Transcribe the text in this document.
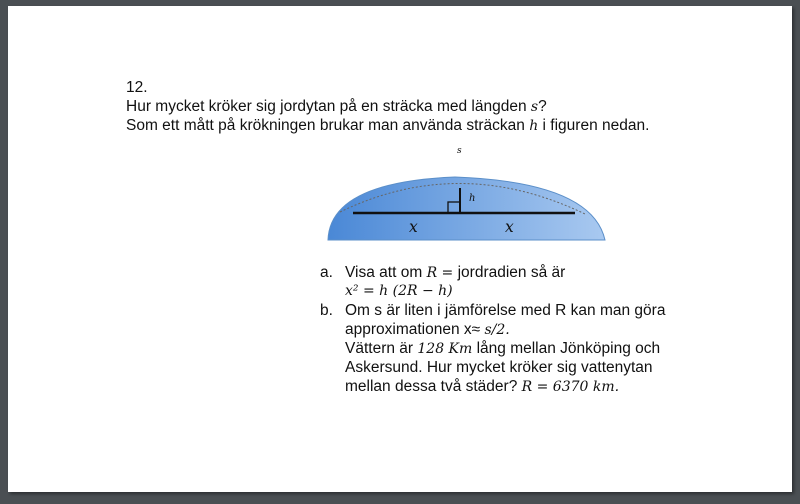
12.
Hur mycket kröker sig jordytan på en sträcka med längden s?
Som ett mått på krökningen brukar man använda sträckan h i figuren nedan.
s
h
x	x
a. Visa att om R = jordradien så är
x² = h (2R − h)
b. Om s är liten i jämförelse med R kan man göra
approximationen x≈ s/2.
Vättern är 128 Km lång mellan Jönköping och
Askersund. Hur mycket kröker sig vattenytan
mellan dessa två städer? R = 6370 km.
